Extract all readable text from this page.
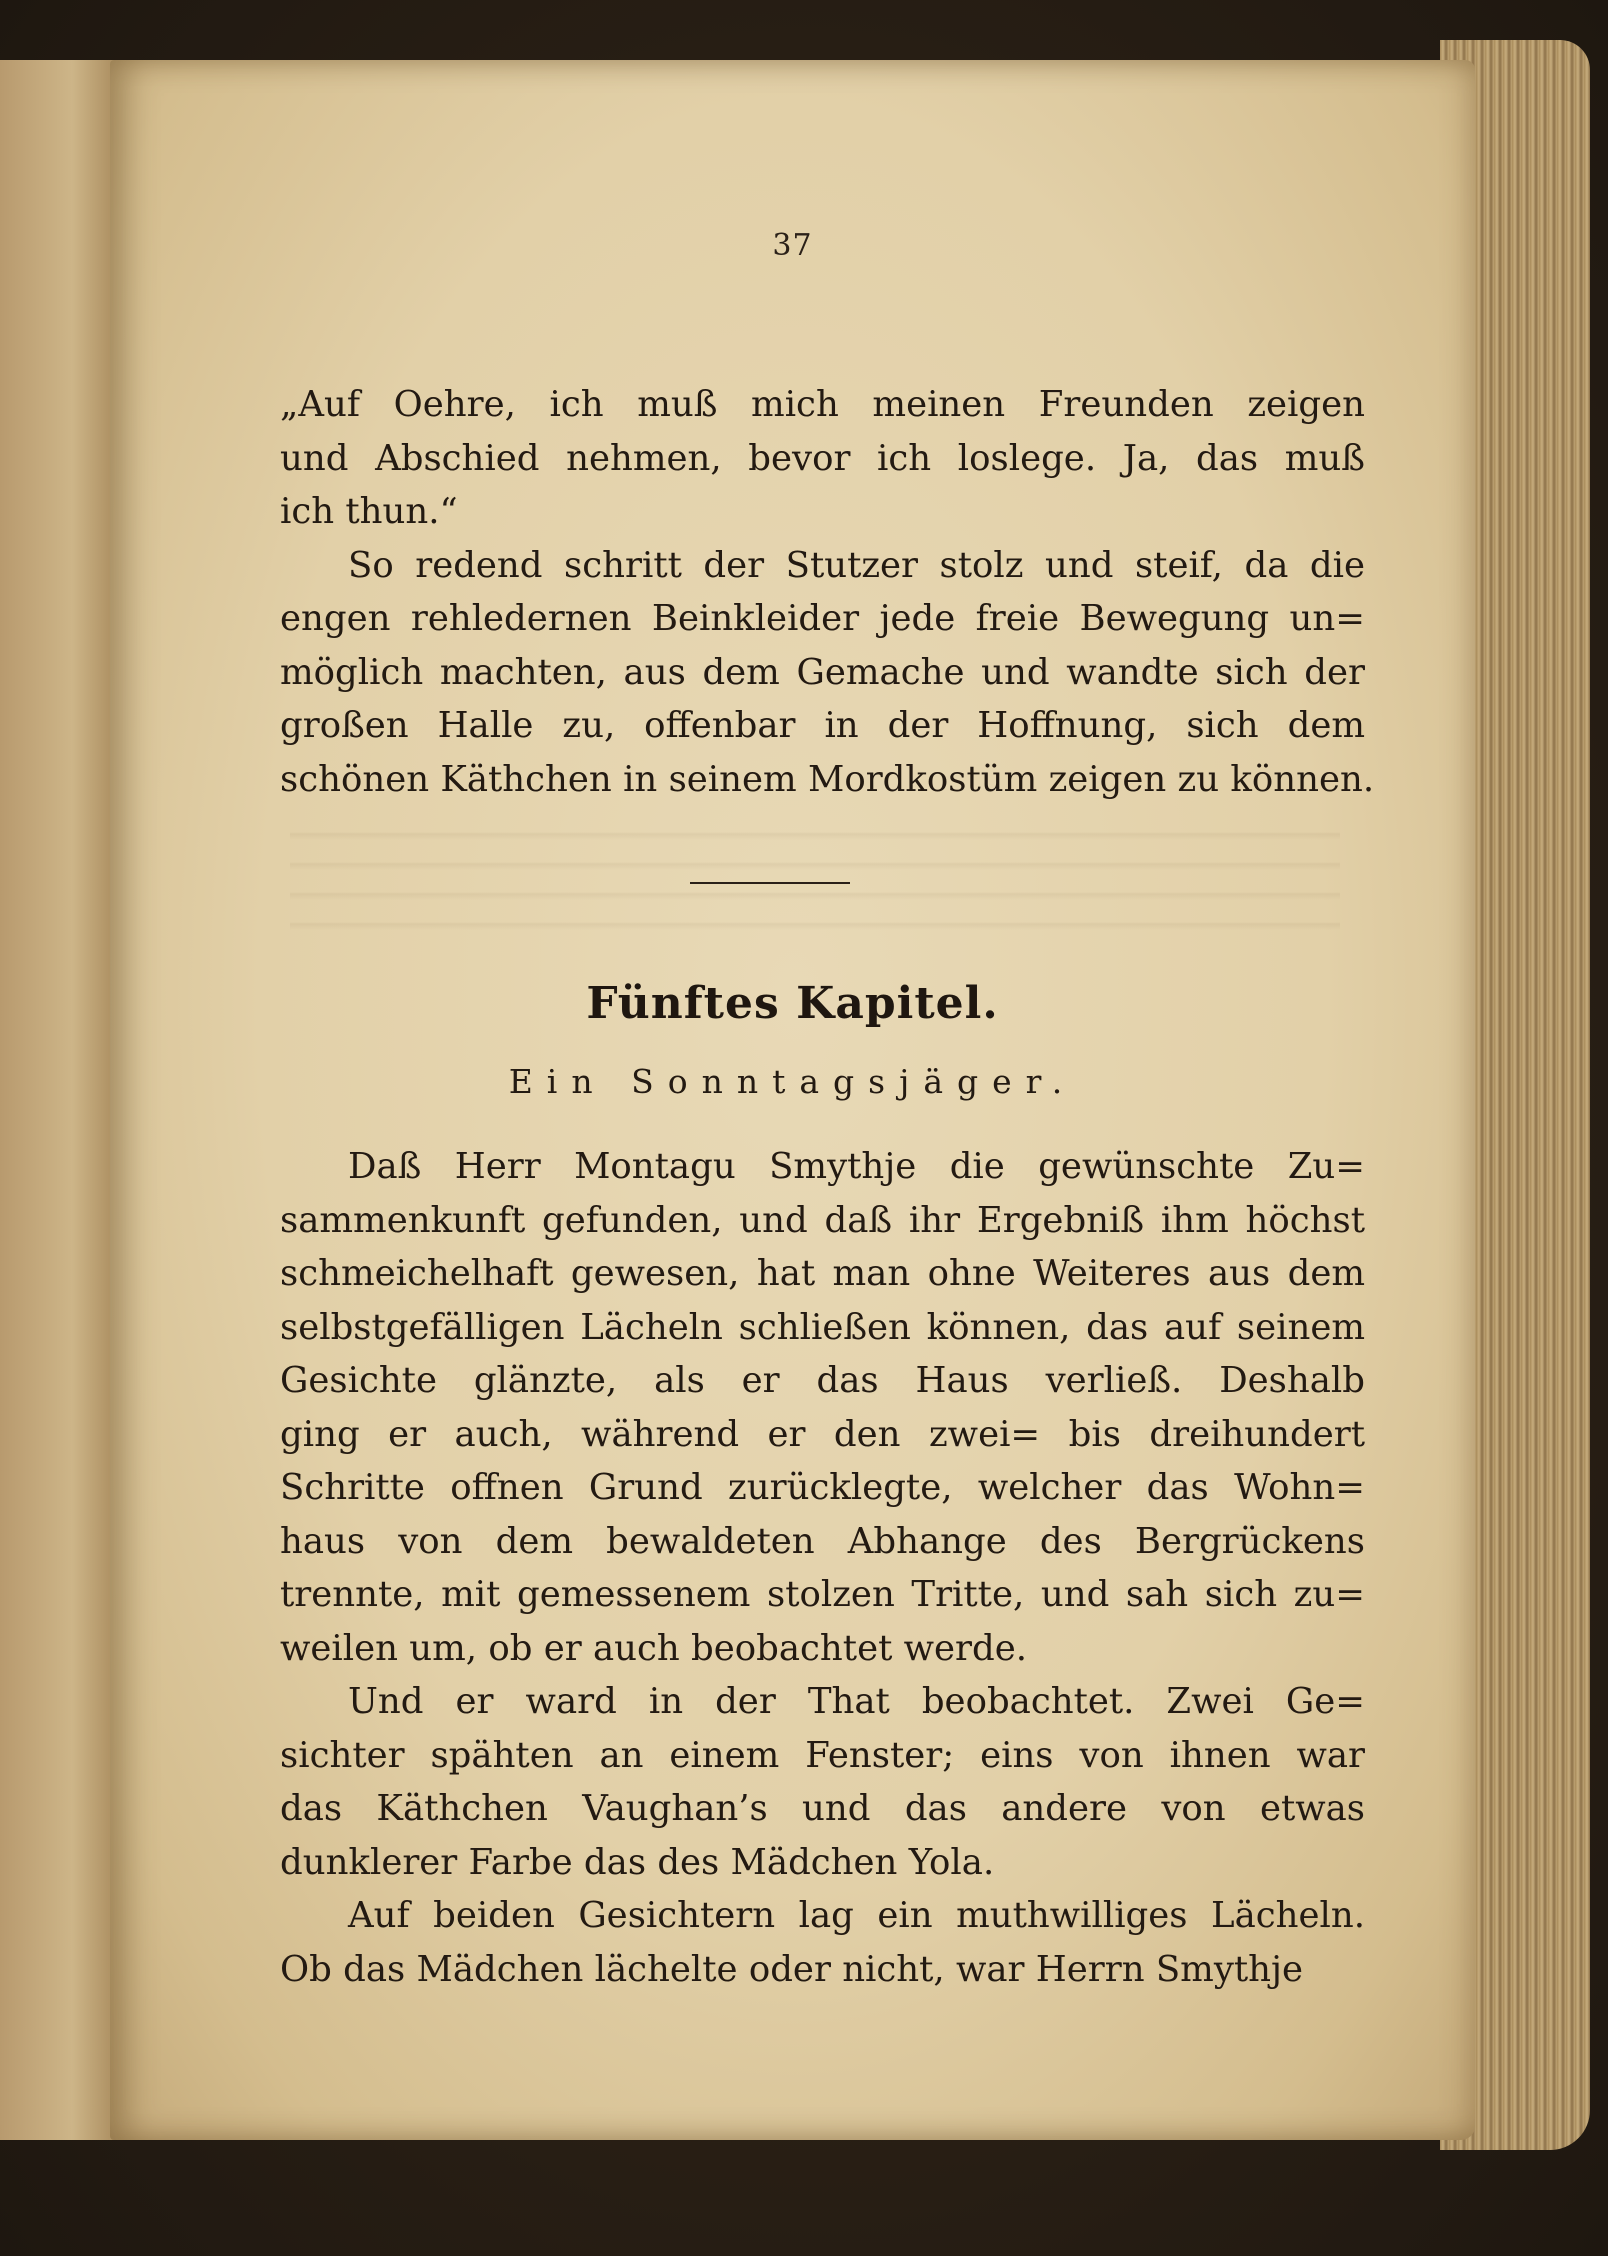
37
„Auf Oehre, ich muß mich meinen Freunden zeigen
und Abschied nehmen, bevor ich loslege. Ja, das muß
ich thun.“
So redend schritt der Stutzer stolz und steif, da die
engen rehledernen Beinkleider jede freie Bewegung un=
möglich machten, aus dem Gemache und wandte sich der
großen Halle zu, offenbar in der Hoffnung, sich dem
schönen Käthchen in seinem Mordkostüm zeigen zu können.
Fünftes Kapitel.
Ein Sonntagsjäger.
Daß Herr Montagu Smythje die gewünschte Zu=
sammenkunft gefunden, und daß ihr Ergebniß ihm höchst
schmeichelhaft gewesen, hat man ohne Weiteres aus dem
selbstgefälligen Lächeln schließen können, das auf seinem
Gesichte glänzte, als er das Haus verließ. Deshalb
ging er auch, während er den zwei= bis dreihundert
Schritte offnen Grund zurücklegte, welcher das Wohn=
haus von dem bewaldeten Abhange des Bergrückens
trennte, mit gemessenem stolzen Tritte, und sah sich zu=
weilen um, ob er auch beobachtet werde.
Und er ward in der That beobachtet. Zwei Ge=
sichter spähten an einem Fenster; eins von ihnen war
das Käthchen Vaughan’s und das andere von etwas
dunklerer Farbe das des Mädchen Yola.
Auf beiden Gesichtern lag ein muthwilliges Lächeln.
Ob das Mädchen lächelte oder nicht, war Herrn Smythje
